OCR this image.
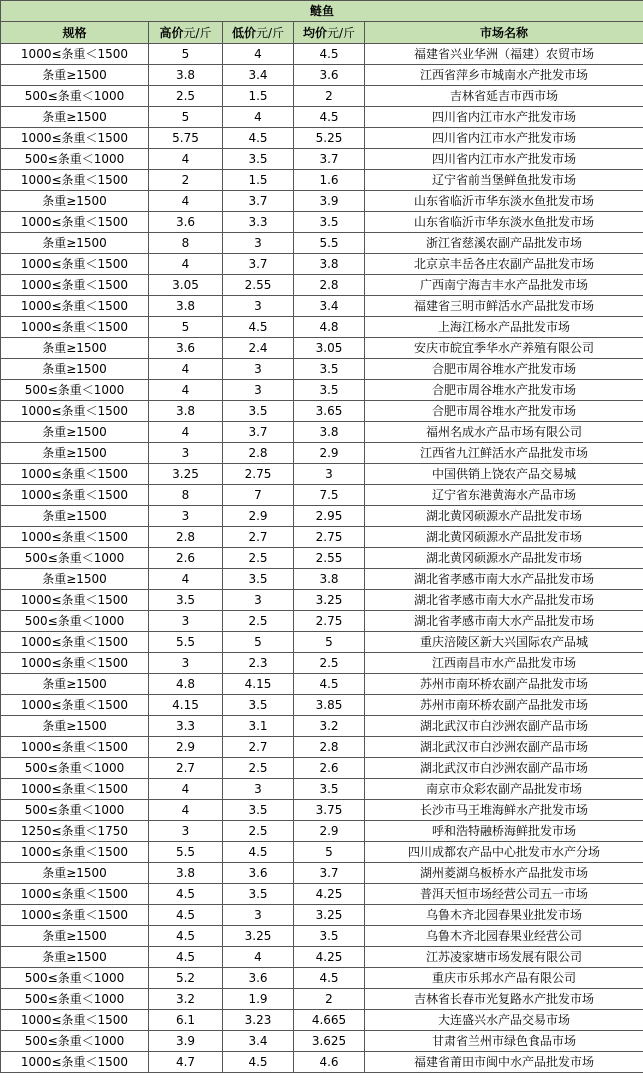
鲢鱼				
规格	高价元/斤	低价元/斤	均价元/斤	市场名称
1000≤条重＜1500	5	4	4.5	福建省兴业华洲（福建）农贸市场
条重≥1500	3.8	3.4	3.6	江西省萍乡市城南水产批发市场
500≤条重＜1000	2.5	1.5	2	吉林省延吉市西市场
条重≥1500	5	4	4.5	四川省内江市水产批发市场
1000≤条重＜1500	5.75	4.5	5.25	四川省内江市水产批发市场
500≤条重＜1000	4	3.5	3.7	四川省内江市水产批发市场
1000≤条重＜1500	2	1.5	1.6	辽宁省前当堡鲜鱼批发市场
条重≥1500	4	3.7	3.9	山东省临沂市华东淡水鱼批发市场
1000≤条重＜1500	3.6	3.3	3.5	山东省临沂市华东淡水鱼批发市场
条重≥1500	8	3	5.5	浙江省慈溪农副产品批发市场
1000≤条重＜1500	4	3.7	3.8	北京京丰岳各庄农副产品批发市场
1000≤条重＜1500	3.05	2.55	2.8	广西南宁海吉丰水产品批发市场
1000≤条重＜1500	3.8	3	3.4	福建省三明市鲜活水产品批发市场
1000≤条重＜1500	5	4.5	4.8	上海江杨水产品批发市场
条重≥1500	3.6	2.4	3.05	安庆市皖宜季华水产养殖有限公司
条重≥1500	4	3	3.5	合肥市周谷堆水产批发市场
500≤条重＜1000	4	3	3.5	合肥市周谷堆水产批发市场
1000≤条重＜1500	3.8	3.5	3.65	合肥市周谷堆水产批发市场
条重≥1500	4	3.7	3.8	福州名成水产品市场有限公司
条重≥1500	3	2.8	2.9	江西省九江鲜活水产品批发市场
1000≤条重＜1500	3.25	2.75	3	中国供销上饶农产品交易城
1000≤条重＜1500	8	7	7.5	辽宁省东港黄海水产品市场
条重≥1500	3	2.9	2.95	湖北黄冈硕源水产品批发市场
1000≤条重＜1500	2.8	2.7	2.75	湖北黄冈硕源水产品批发市场
500≤条重＜1000	2.6	2.5	2.55	湖北黄冈硕源水产品批发市场
条重≥1500	4	3.5	3.8	湖北省孝感市南大水产品批发市场
1000≤条重＜1500	3.5	3	3.25	湖北省孝感市南大水产品批发市场
500≤条重＜1000	3	2.5	2.75	湖北省孝感市南大水产品批发市场
1000≤条重＜1500	5.5	5	5	重庆涪陵区新大兴国际农产品城
1000≤条重＜1500	3	2.3	2.5	江西南昌市水产品批发市场
条重≥1500	4.8	4.15	4.5	苏州市南环桥农副产品批发市场
1000≤条重＜1500	4.15	3.5	3.85	苏州市南环桥农副产品批发市场
条重≥1500	3.3	3.1	3.2	湖北武汉市白沙洲农副产品市场
1000≤条重＜1500	2.9	2.7	2.8	湖北武汉市白沙洲农副产品市场
500≤条重＜1000	2.7	2.5	2.6	湖北武汉市白沙洲农副产品市场
1000≤条重＜1500	4	3	3.5	南京市众彩农副产品批发市场
500≤条重＜1000	4	3.5	3.75	长沙市马王堆海鲜水产批发市场
1250≤条重＜1750	3	2.5	2.9	呼和浩特融桥海鲜批发市场
1000≤条重＜1500	5.5	4.5	5	四川成都农产品中心批发市水产分场
条重≥1500	3.8	3.6	3.7	湖州菱湖乌板桥水产品批发市场
1000≤条重＜1500	4.5	3.5	4.25	普洱天恒市场经营公司五一市场
1000≤条重＜1500	4.5	3	3.25	乌鲁木齐北园春果业批发市场
条重≥1500	4.5	3.25	3.5	乌鲁木齐北园春果业经营公司
条重≥1500	4.5	4	4.25	江苏凌家塘市场发展有限公司
500≤条重＜1000	5.2	3.6	4.5	重庆市乐邦水产品有限公司
500≤条重＜1000	3.2	1.9	2	吉林省长春市光复路水产批发市场
1000≤条重＜1500	6.1	3.23	4.665	大连盛兴水产品交易市场
500≤条重＜1000	3.9	3.4	3.625	甘肃省兰州市绿色食品市场
1000≤条重＜1500	4.7	4.5	4.6	福建省莆田市闽中水产品批发市场
